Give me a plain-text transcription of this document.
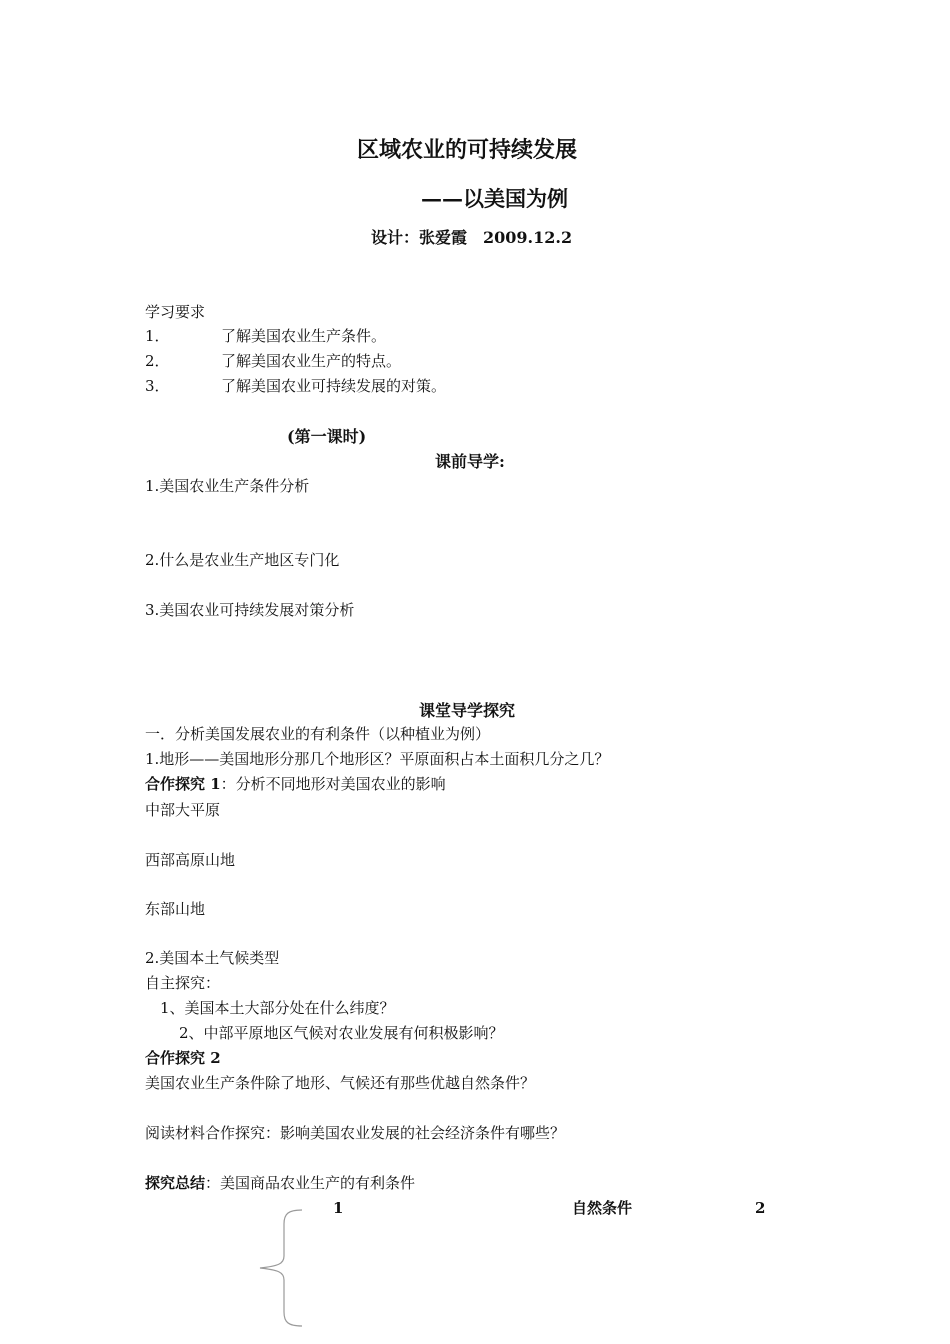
区域农业的可持续发展
——以美国为例
设计：张爱霞　2009.12.2
学习要求
1．	了解美国农业生产条件。
2．	了解美国农业生产的特点。
3．	了解美国农业可持续发展的对策。
(第一课时)
课前导学:
1.美国农业生产条件分析
2.什么是农业生产地区专门化
3.美国农业可持续发展对策分析
课堂导学探究
一．分析美国发展农业的有利条件（以种植业为例）
1.地形——美国地形分那几个地形区？平原面积占本土面积几分之几？
合作探究 1：分析不同地形对美国农业的影响
中部大平原
西部高原山地
东部山地
2.美国本土气候类型
自主探究：
1、美国本土大部分处在什么纬度？
2、中部平原地区气候对农业发展有何积极影响？
合作探究 2
美国农业生产条件除了地形、气候还有那些优越自然条件？
阅读材料合作探究：影响美国农业发展的社会经济条件有哪些？
探究总结：美国商品农业生产的有利条件
1	自然条件	2
